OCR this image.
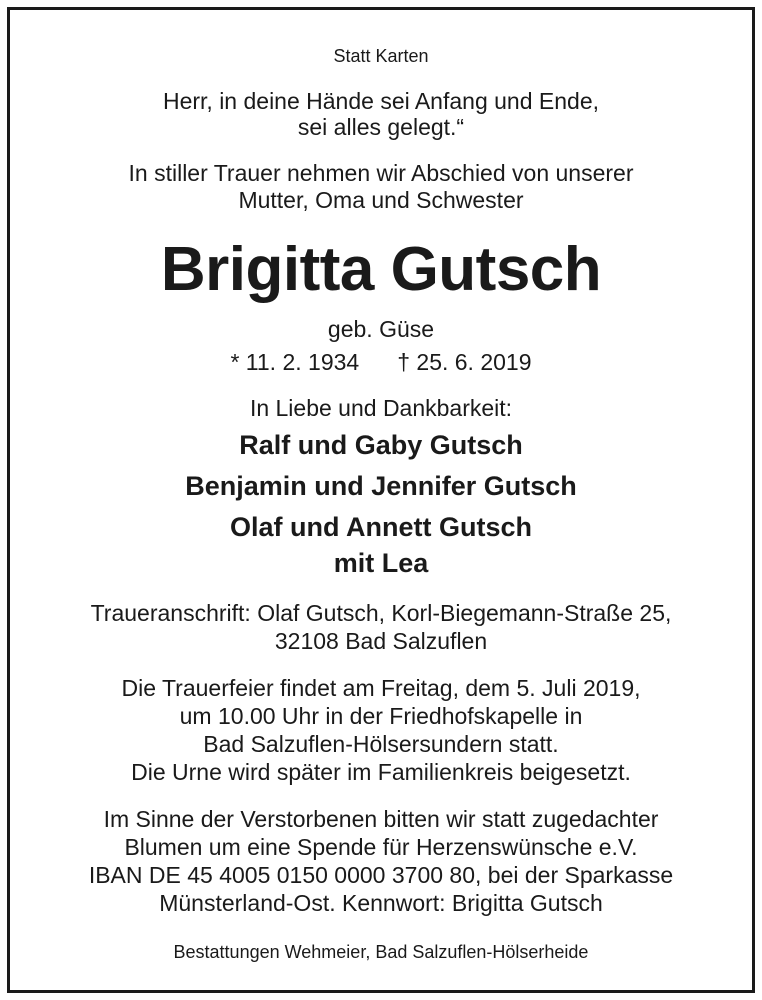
Statt Karten
Herr, in deine Hände sei Anfang und Ende,
sei alles gelegt.“
In stiller Trauer nehmen wir Abschied von unserer
Mutter, Oma und Schwester
Brigitta Gutsch
geb. Güse
* 11. 2. 1934 † 25. 6. 2019
In Liebe und Dankbarkeit:
Ralf und Gaby Gutsch
Benjamin und Jennifer Gutsch
Olaf und Annett Gutsch
mit Lea
Traueranschrift: Olaf Gutsch, Korl-Biegemann-Straße 25,
32108 Bad Salzuflen
Die Trauerfeier findet am Freitag, dem 5. Juli 2019,
um 10.00 Uhr in der Friedhofskapelle in
Bad Salzuflen-Hölsersundern statt.
Die Urne wird später im Familienkreis beigesetzt.
Im Sinne der Verstorbenen bitten wir statt zugedachter
Blumen um eine Spende für Herzenswünsche e.V.
IBAN DE 45 4005 0150 0000 3700 80, bei der Sparkasse
Münsterland-Ost. Kennwort: Brigitta Gutsch
Bestattungen Wehmeier, Bad Salzuflen-Hölserheide
